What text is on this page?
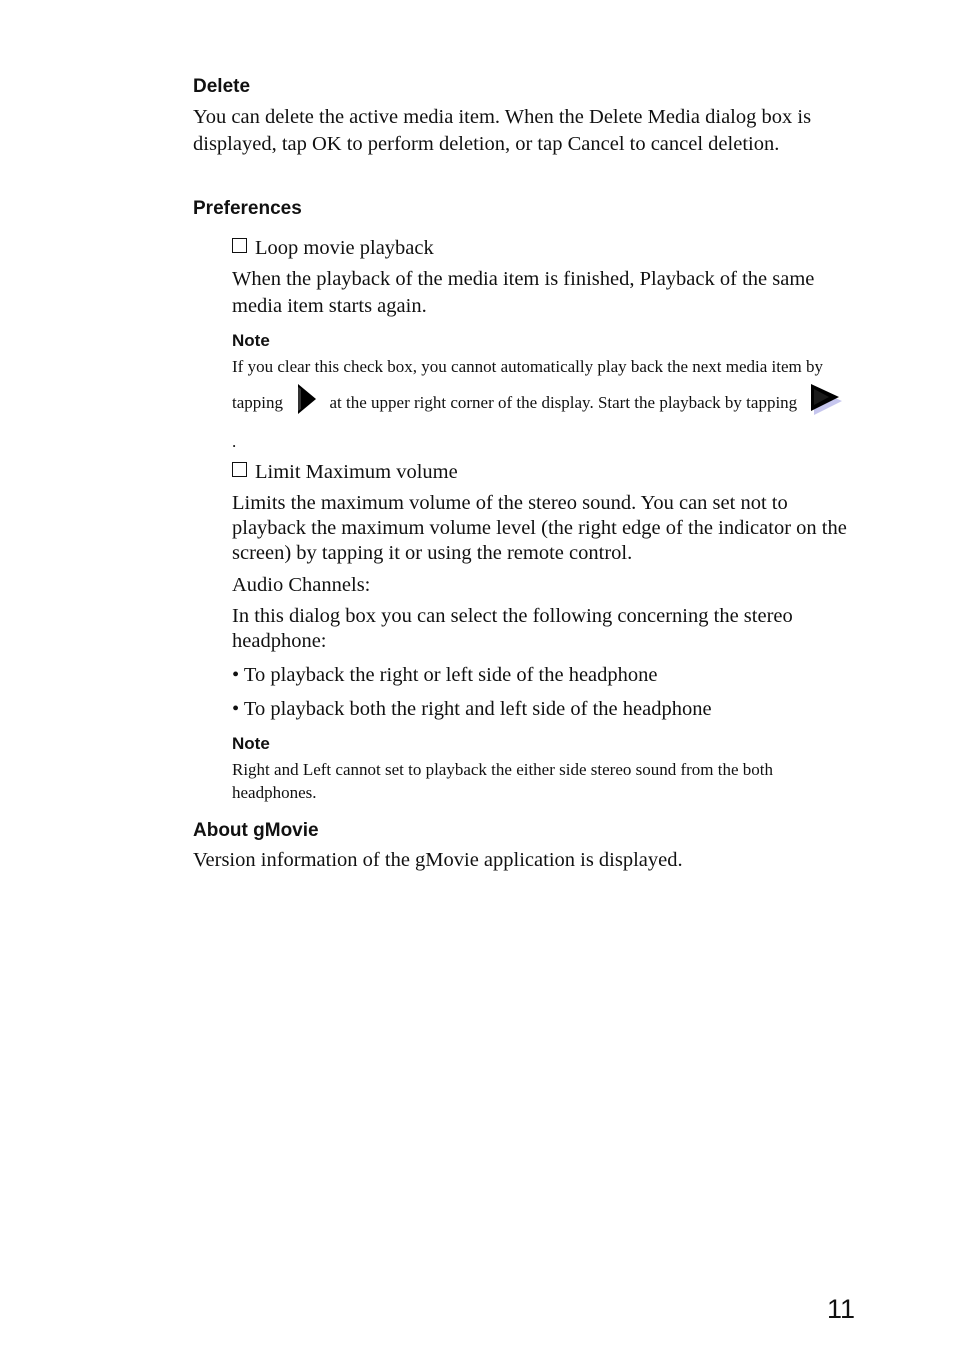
Delete

You can delete the active media item. When the Delete Media dialog box is displayed, tap OK to perform deletion, or tap Cancel to cancel deletion.

Preferences
Loop movie playback

When the playback of the media item is finished, Playback of the same media item starts again.

Note
If you clear this check box, you cannot automatically play back the next media item by tapping	at the upper right corner of the display. Start the playback by tapping  .
Limit Maximum volume

Limits the maximum volume of the stereo sound. You can set not to playback the maximum volume level (the right edge of the indicator on the screen) by tapping it or using the remote control.

Audio Channels:

In this dialog box you can select the following concerning the stereo headphone:

• To playback the right or left side of the headphone

• To playback both the right and left side of the headphone

Note

Right and Left cannot set to playback the either side stereo sound from the both headphones.

About gMovie

Version information of the gMovie application is displayed.

11
